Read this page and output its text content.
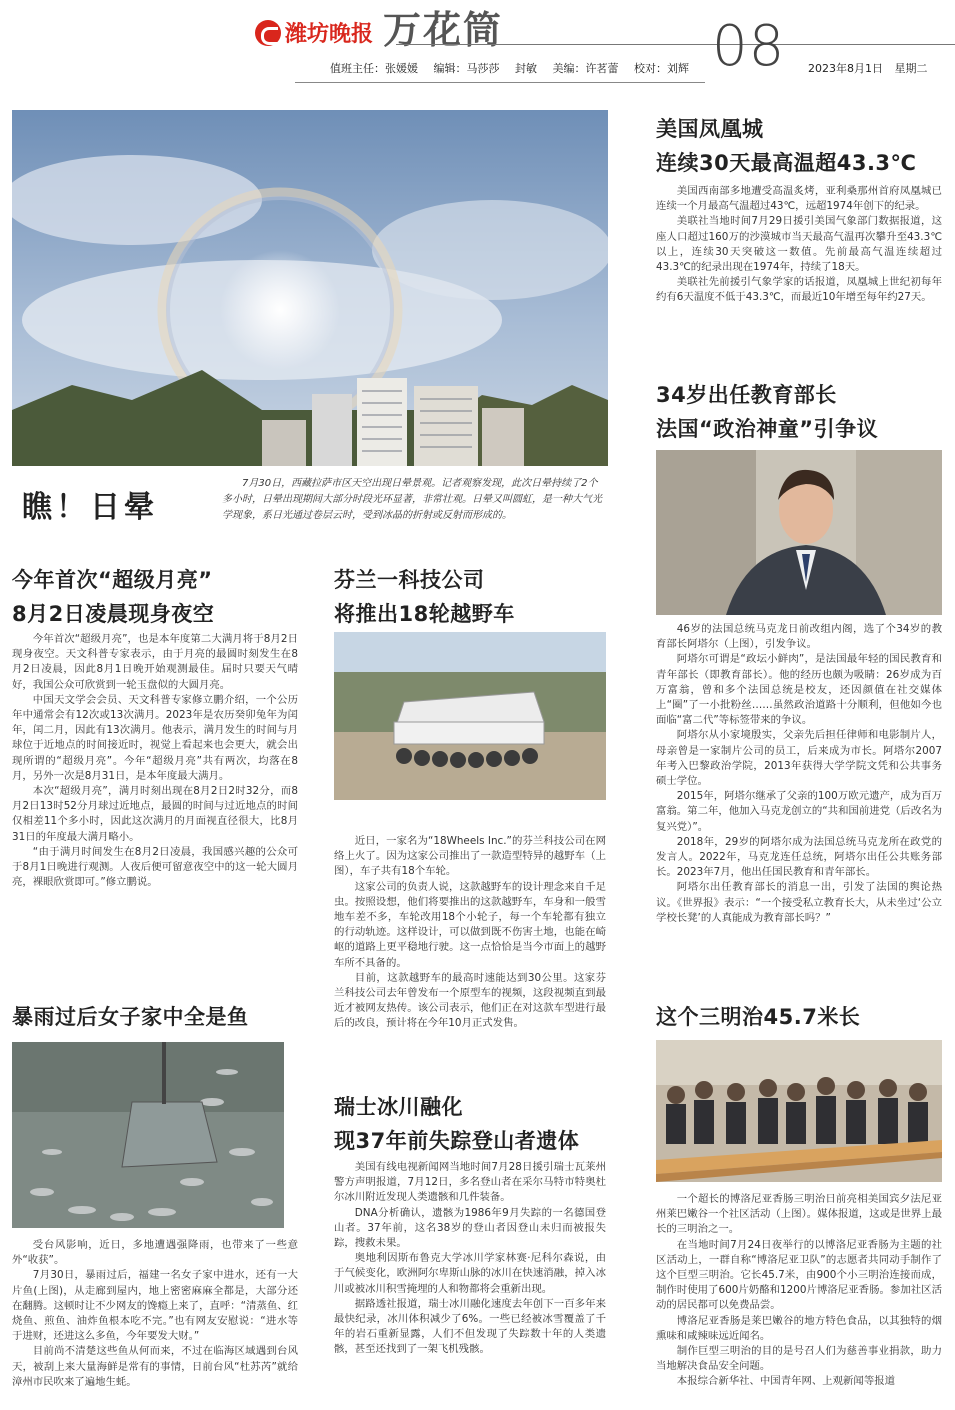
潍坊晚报 万花筒	08
值班主任：张媛媛 编辑：马莎莎 封敏 美编：许茗蕾 校对：刘辉	2023年8月1日 星期二
瞧！日晕
7月30日，西藏拉萨市区天空出现日晕景观。记者观察发现，此次日晕持续了2个多小时，日晕出现期间大部分时段光环显著，非常壮观。日晕又叫圆虹，是一种大气光学现象，系日光通过卷层云时，受到冰晶的折射或反射而形成的。
今年首次“超级月亮”
8月2日凌晨现身夜空

今年首次“超级月亮”，也是本年度第二大满月将于8月2日现身夜空。天文科普专家表示，由于月亮的最圆时刻发生在8月2日凌晨，因此8月1日晚开始观测最佳。届时只要天气晴好，我国公众可欣赏到一轮玉盘似的大圆月亮。

中国天文学会会员、天文科普专家修立鹏介绍，一个公历年中通常会有12次或13次满月。2023年是农历癸卯兔年为闰年，闰二月，因此有13次满月。他表示，满月发生的时间与月球位于近地点的时间接近时，视觉上看起来也会更大，就会出现所谓的“超级月亮”。今年“超级月亮”共有两次，均落在8月，另外一次是8月31日，是本年度最大满月。

本次“超级月亮”，满月时刻出现在8月2日2时32分，而8月2日13时52分月球过近地点，最圆的时间与过近地点的时间仅相差11个多小时，因此这次满月的月面视直径很大，比8月31日的年度最大满月略小。

“由于满月时间发生在8月2日凌晨，我国感兴趣的公众可于8月1日晚进行观测。人夜后便可留意夜空中的这一轮大圆月亮，裸眼欣赏即可。”修立鹏说。

暴雨过后女子家中全是鱼

受台风影响，近日，多地遭遇强降雨，也带来了一些意外“收获”。

7月30日，暴雨过后，福建一名女子家中进水，还有一大片鱼(上图)，从走廊到屋内，地上密密麻麻全都是，大部分还在翻腾。这顿时让不少网友的馋瘾上来了，直呼：“清蒸鱼、红烧鱼、煎鱼、油炸鱼根本吃不完。”也有网友安慰说：“进水等于进财，还进这么多鱼，今年要发大财。”

目前尚不清楚这些鱼从何而来，不过在临海区域遇到台风天，被刮上来大量海鲜是常有的事情，日前台风“杜苏芮”就给漳州市民吹来了遍地生蚝。

芬兰一科技公司
将推出18轮越野车

近日，一家名为“18Wheels Inc.”的芬兰科技公司在网络上火了。因为这家公司推出了一款造型特异的越野车（上图），车子共有18个车轮。

这家公司的负责人说，这款越野车的设计理念来自千足虫。按照设想，他们将要推出的这款越野车，车身和一般雪地车差不多，车轮改用18个小轮子，每一个车轮都有独立的行动轨迹。这样设计，可以做到既不伤害土地，也能在崎岖的道路上更平稳地行驶。这一点恰恰是当今市面上的越野车所不具备的。

目前，这款越野车的最高时速能达到30公里。这家芬兰科技公司去年曾发布一个原型车的视频，这段视频直到最近才被网友热传。该公司表示，他们正在对这款车型进行最后的改良，预计将在今年10月正式发售。

瑞士冰川融化
现37年前失踪登山者遗体

美国有线电视新闻网当地时间7月28日援引瑞士瓦莱州警方声明报道，7月12日，多名登山者在采尔马特市特奥杜尔冰川附近发现人类遗骸和几件装备。

DNA分析确认，遗骸为1986年9月失踪的一名德国登山者。37年前，这名38岁的登山者因登山未归而被报失踪，搜救未果。

奥地利因斯布鲁克大学冰川学家林赛·尼科尔森说，由于气候变化，欧洲阿尔卑斯山脉的冰川在快速消融，掉入冰川或被冰川积雪掩埋的人和物都将会重新出现。

据路透社报道，瑞士冰川融化速度去年创下一百多年来最快纪录，冰川体积减少了6%。一些已经被冰雪覆盖了千年的岩石重新显露，人们不但发现了失踪数十年的人类遗骸，甚至还找到了一架飞机残骸。

美国凤凰城
连续30天最高温超43.3℃

美国西南部多地遭受高温炙烤，亚利桑那州首府凤凰城已连续一个月最高气温超过43℃，远超1974年创下的纪录。

美联社当地时间7月29日援引美国气象部门数据报道，这座人口超过160万的沙漠城市当天最高气温再次攀升至43.3℃以上，连续30天突破这一数值。先前最高气温连续超过43.3℃的纪录出现在1974年，持续了18天。

美联社先前援引气象学家的话报道，凤凰城上世纪初每年约有6天温度不低于43.3℃，而最近10年增至每年约27天。

34岁出任教育部长
法国“政治神童”引争议

46岁的法国总统马克龙日前改组内阁，选了个34岁的教育部长阿塔尔（上图），引发争议。

阿塔尔可谓是“政坛小鲜肉”，是法国最年轻的国民教育和青年部长（即教育部长）。他的经历也颇为吸睛：26岁成为百万富翁，曾和多个法国总统是校友，还因颜值在社交媒体上“圈”了一小批粉丝……虽然政治道路十分顺利，但他如今也面临“富二代”等标签带来的争议。

阿塔尔从小家境殷实，父亲先后担任律师和电影制片人，母亲曾是一家制片公司的员工，后来成为市长。阿塔尔2007年考入巴黎政治学院，2013年获得大学学院文凭和公共事务硕士学位。

2015年，阿塔尔继承了父亲的100万欧元遗产，成为百万富翁。第二年，他加入马克龙创立的“共和国前进党（后改名为复兴党）”。

2018年，29岁的阿塔尔成为法国总统马克龙所在政党的发言人。2022年，马克龙连任总统，阿塔尔出任公共账务部长。2023年7月，他出任国民教育和青年部长。

阿塔尔出任教育部长的消息一出，引发了法国的舆论热议。《世界报》表示：“一个接受私立教育长大，从未坐过‘公立学校长凳’的人真能成为教育部长吗？”

这个三明治45.7米长

一个超长的博洛尼亚香肠三明治日前亮相美国宾夕法尼亚州莱巴嫩谷一个社区活动（上图）。媒体报道，这或是世界上最长的三明治之一。

在当地时间7月24日夜举行的以博洛尼亚香肠为主题的社区活动上，一群自称“博洛尼亚卫队”的志愿者共同动手制作了这个巨型三明治。它长45.7米，由900个小三明治连接而成，制作时使用了600片奶酪和1200片博洛尼亚香肠。参加社区活动的居民都可以免费品尝。

博洛尼亚香肠是莱巴嫩谷的地方特色食品，以其独特的烟熏味和咸辣味远近闻名。

制作巨型三明治的目的是号召人们为慈善事业捐款，助力当地解决食品安全问题。

本报综合新华社、中国青年网、上观新闻等报道
